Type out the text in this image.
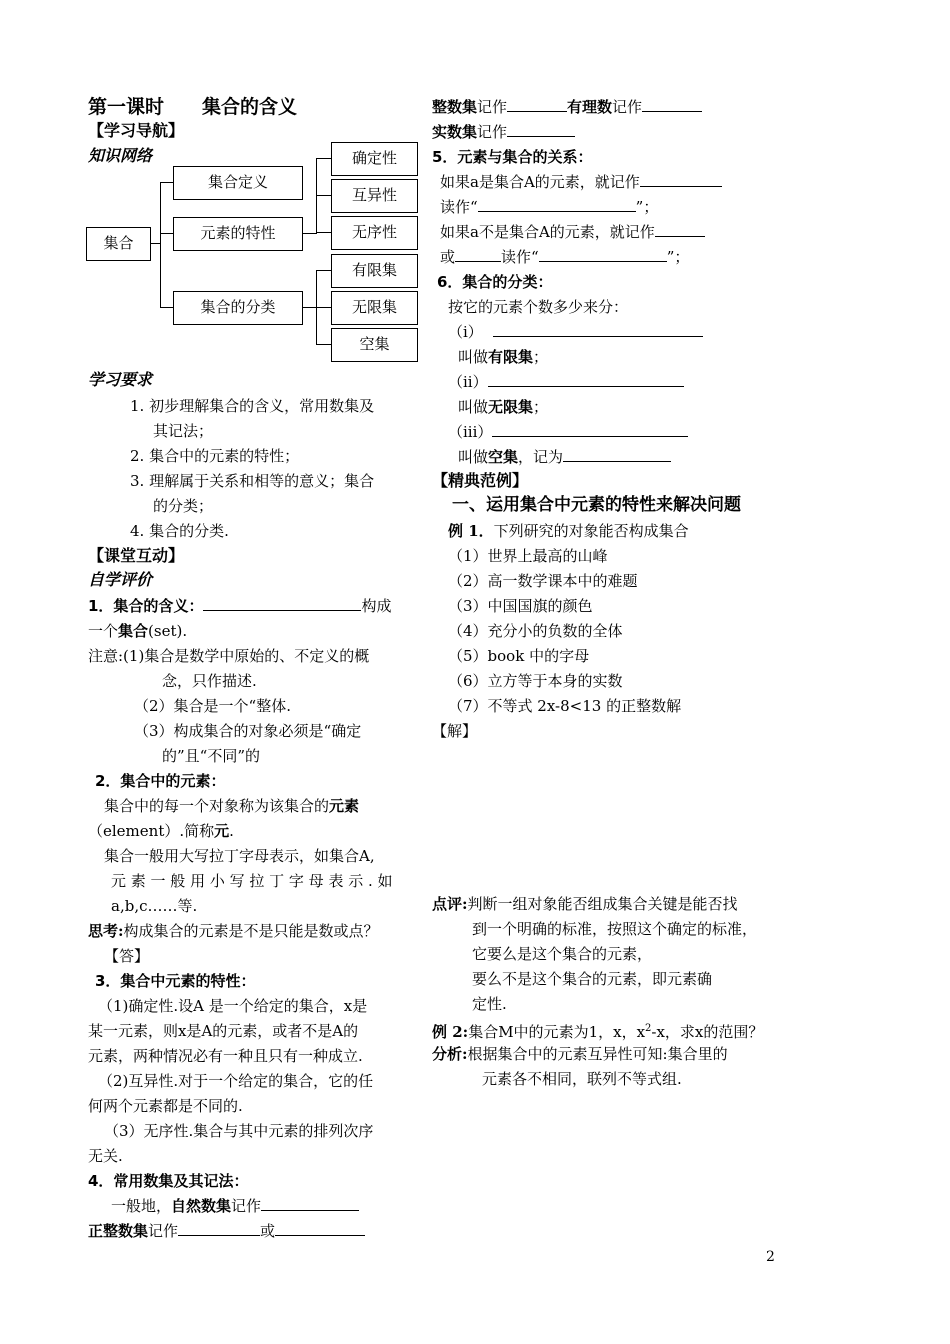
第一课时 集合的含义
【学习导航】
知识网络
集合
集合定义
元素的特性
集合的分类
确定性
互异性
无序性
有限集
无限集
空集
学习要求
1. 初步理解集合的含义，常用数集及
其记法；
2. 集合中的元素的特性；
3. 理解属于关系和相等的意义；集合
的分类；
4. 集合的分类.
【课堂互动】
自学评价
1．集合的含义：	构成
一个集合(set).
注意:(1)集合是数学中原始的、不定义的概
念，只作描述.
（2）集合是一个“整体.
（3）构成集合的对象必须是“确定
的”且“不同”的
2．集合中的元素：
集合中的每一个对象称为该集合的元素
（element）.简称元.
集合一般用大写拉丁字母表示，如集合A,
元 素 一 般 用 小 写 拉 丁 字 母 表 示 . 如
a,b,c……等.
思考:构成集合的元素是不是只能是数或点？
【答】
3．集合中元素的特性：
（1)确定性.设A 是一个给定的集合，x是
某一元素，则x是A的元素，或者不是A的
元素，两种情况必有一种且只有一种成立.
（2)互异性.对于一个给定的集合，它的任
何两个元素都是不同的.
（3）无序性.集合与其中元素的排列次序
无关.
4．常用数集及其记法：
一般地，自然数集记作
正整数集记作	或
整数集记作	有理数记作
实数集记作
5．元素与集合的关系：
如果a是集合A的元素，就记作
读作“	”；
如果a不是集合A的元素，就记作
或	读作“	”；
6．集合的分类：
按它的元素个数多少来分：
（i）
叫做有限集；
（ii）
叫做无限集；
（iii）
叫做空集，记为
【精典范例】
一、运用集合中元素的特性来解决问题
例 1．下列研究的对象能否构成集合
（1）世界上最高的山峰
（2）高一数学课本中的难题
（3）中国国旗的颜色
（4）充分小的负数的全体
（5）book 中的字母
（6）立方等于本身的实数
（7）不等式 2x-8<13 的正整数解
【解】
点评:判断一组对象能否组成集合关键是能否找
到一个明确的标准，按照这个确定的标准，
它要么是这个集合的元素，
要么不是这个集合的元素，即元素确
定性.
例 2:集合M中的元素为1，x，$x^2-x$，求x的范围？
分析:根据集合中的元素互异性可知:集合里的
元素各不相同，联列不等式组.
2
